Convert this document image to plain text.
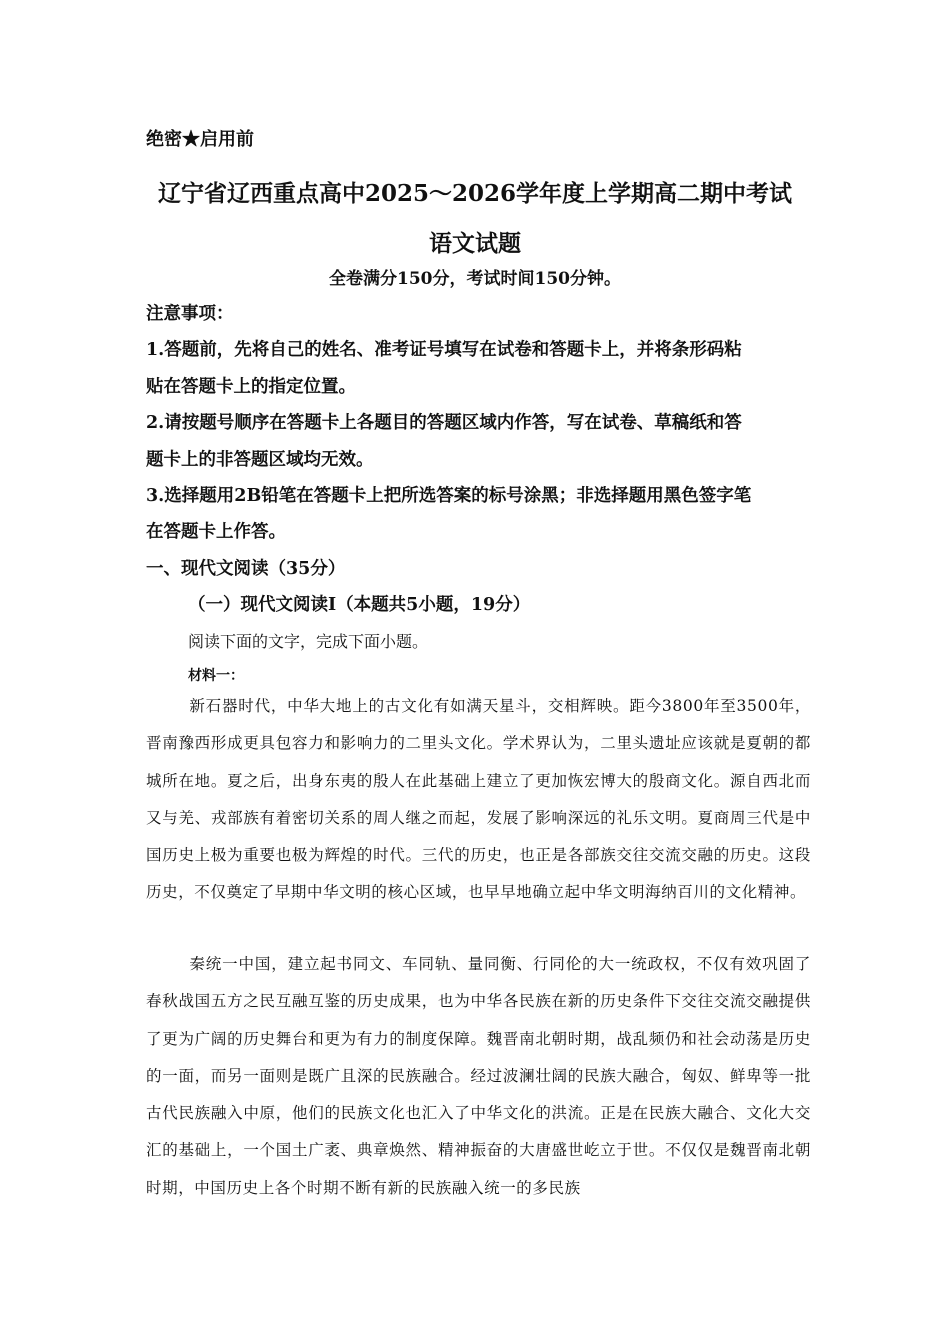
绝密★启用前
辽宁省辽西重点高中2025～2026学年度上学期高二期中考试
语文试题
全卷满分150分，考试时间150分钟。
注意事项：
1.答题前，先将自己的姓名、准考证号填写在试卷和答题卡上，并将条形码粘
贴在答题卡上的指定位置。
2.请按题号顺序在答题卡上各题目的答题区域内作答，写在试卷、草稿纸和答
题卡上的非答题区域均无效。
3.选择题用2B铅笔在答题卡上把所选答案的标号涂黑；非选择题用黑色签字笔
在答题卡上作答。
一、现代文阅读（35分）
（一）现代文阅读Ⅰ（本题共5小题，19分）
阅读下面的文字，完成下面小题。
材料一：
新石器时代，中华大地上的古文化有如满天星斗，交相辉映。距今3800年至3500年，晋南豫西形成更具包容力和影响力的二里头文化。学术界认为，二里头遗址应该就是夏朝的都城所在地。夏之后，出身东夷的殷人在此基础上建立了更加恢宏博大的殷商文化。源自西北而又与羌、戎部族有着密切关系的周人继之而起，发展了影响深远的礼乐文明。夏商周三代是中国历史上极为重要也极为辉煌的时代。三代的历史，也正是各部族交往交流交融的历史。这段历史，不仅奠定了早期中华文明的核心区域，也早早地确立起中华文明海纳百川的文化精神。
秦统一中国，建立起书同文、车同轨、量同衡、行同伦的大一统政权，不仅有效巩固了春秋战国五方之民互融互鉴的历史成果，也为中华各民族在新的历史条件下交往交流交融提供了更为广阔的历史舞台和更为有力的制度保障。魏晋南北朝时期，战乱频仍和社会动荡是历史的一面，而另一面则是既广且深的民族融合。经过波澜壮阔的民族大融合，匈奴、鲜卑等一批古代民族融入中原，他们的民族文化也汇入了中华文化的洪流。正是在民族大融合、文化大交汇的基础上，一个国土广袤、典章焕然、精神振奋的大唐盛世屹立于世。不仅仅是魏晋南北朝时期，中国历史上各个时期不断有新的民族融入统一的多民族
